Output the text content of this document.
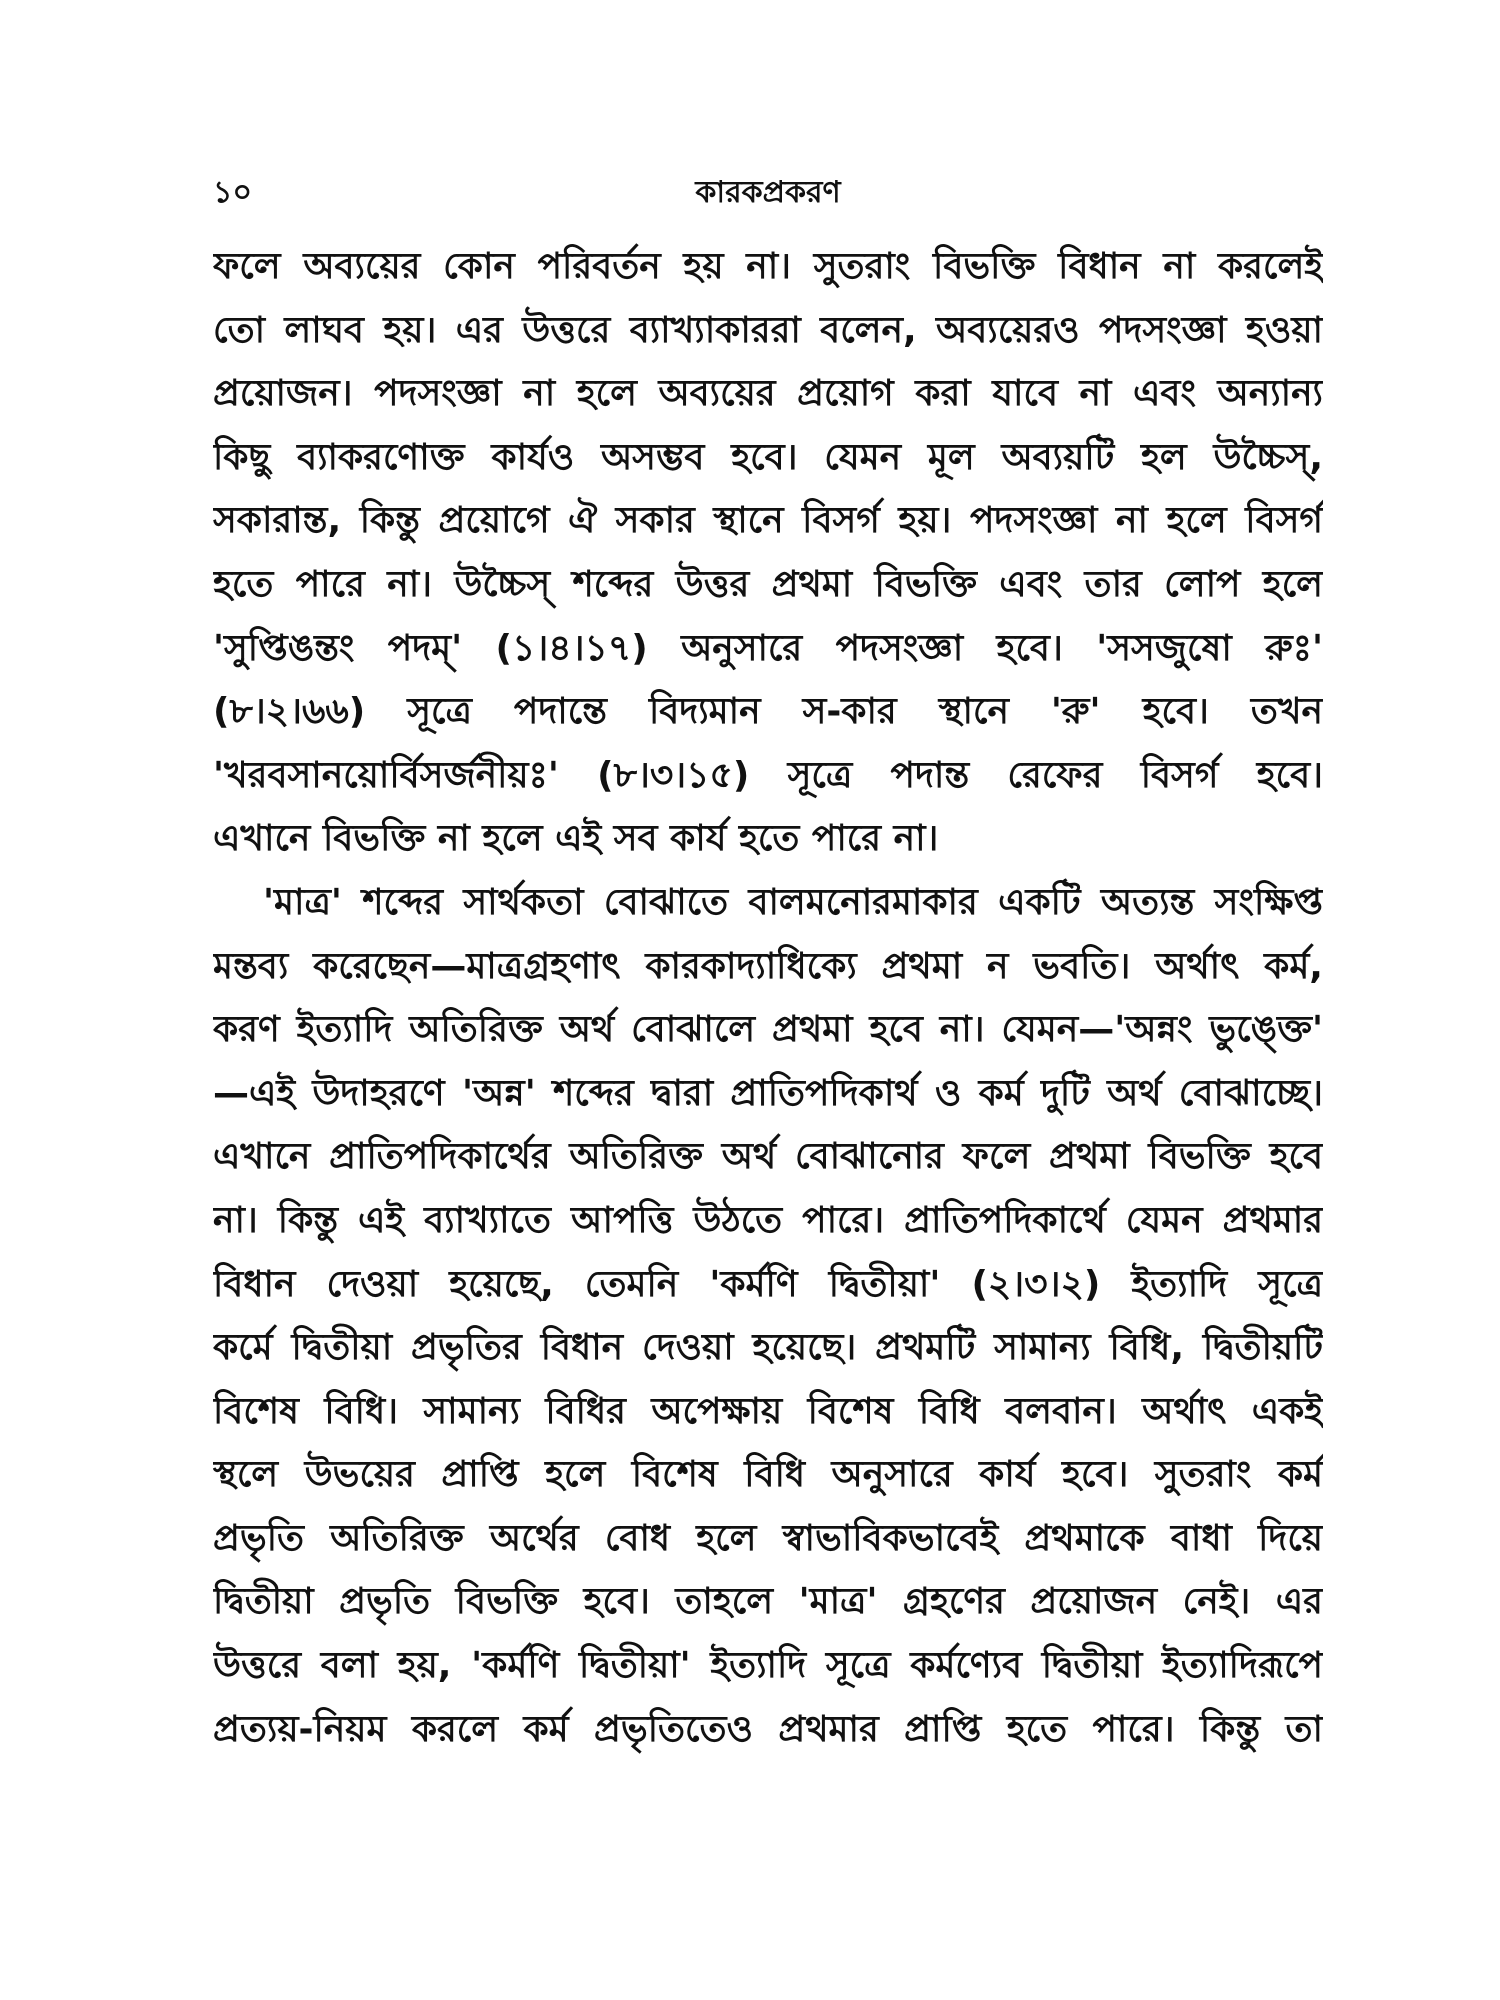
১০	কারকপ্রকরণ
ফলে অব্যয়ের কোন পরিবর্তন হয় না। সুতরাং বিভক্তি বিধান না করলেই
তো লাঘব হয়। এর উত্তরে ব্যাখ্যাকাররা বলেন, অব্যয়েরও পদসংজ্ঞা হওয়া
প্রয়োজন। পদসংজ্ঞা না হলে অব্যয়ের প্রয়োগ করা যাবে না এবং অন্যান্য
কিছু ব্যাকরণোক্ত কার্যও অসম্ভব হবে। যেমন মূল অব্যয়টি হল উচ্চৈস্,
সকারান্ত, কিন্তু প্রয়োগে ঐ সকার স্থানে বিসর্গ হয়। পদসংজ্ঞা না হলে বিসর্গ
হতে পারে না। উচ্চৈস্ শব্দের উত্তর প্রথমা বিভক্তি এবং তার লোপ হলে
'সুপ্তিঙন্তং পদম্' (১।৪।১৭) অনুসারে পদসংজ্ঞা হবে। 'সসজুষো রুঃ'
(৮।২।৬৬) সূত্রে পদান্তে বিদ্যমান স-কার স্থানে 'রু' হবে। তখন
'খরবসানয়োর্বিসর্জনীয়ঃ' (৮।৩।১৫) সূত্রে পদান্ত রেফের বিসর্গ হবে।
এখানে বিভক্তি না হলে এই সব কার্য হতে পারে না।
'মাত্র' শব্দের সার্থকতা বোঝাতে বালমনোরমাকার একটি অত্যন্ত সংক্ষিপ্ত
মন্তব্য করেছেন—মাত্রগ্রহণাৎ কারকাদ্যাধিক্যে প্রথমা ন ভবতি। অর্থাৎ কর্ম,
করণ ইত্যাদি অতিরিক্ত অর্থ বোঝালে প্রথমা হবে না। যেমন—'অন্নং ভুঙ্ক্তে'
—এই উদাহরণে 'অন্ন' শব্দের দ্বারা প্রাতিপদিকার্থ ও কর্ম দুটি অর্থ বোঝাচ্ছে।
এখানে প্রাতিপদিকার্থের অতিরিক্ত অর্থ বোঝানোর ফলে প্রথমা বিভক্তি হবে
না। কিন্তু এই ব্যাখ্যাতে আপত্তি উঠতে পারে। প্রাতিপদিকার্থে যেমন প্রথমার
বিধান দেওয়া হয়েছে, তেমনি 'কর্মণি দ্বিতীয়া' (২।৩।২) ইত্যাদি সূত্রে
কর্মে দ্বিতীয়া প্রভৃতির বিধান দেওয়া হয়েছে। প্রথমটি সামান্য বিধি, দ্বিতীয়টি
বিশেষ বিধি। সামান্য বিধির অপেক্ষায় বিশেষ বিধি বলবান। অর্থাৎ একই
স্থলে উভয়ের প্রাপ্তি হলে বিশেষ বিধি অনুসারে কার্য হবে। সুতরাং কর্ম
প্রভৃতি অতিরিক্ত অর্থের বোধ হলে স্বাভাবিকভাবেই প্রথমাকে বাধা দিয়ে
দ্বিতীয়া প্রভৃতি বিভক্তি হবে। তাহলে 'মাত্র' গ্রহণের প্রয়োজন নেই। এর
উত্তরে বলা হয়, 'কর্মণি দ্বিতীয়া' ইত্যাদি সূত্রে কর্মণ্যেব দ্বিতীয়া ইত্যাদিরূপে
প্রত্যয়-নিয়ম করলে কর্ম প্রভৃতিতেও প্রথমার প্রাপ্তি হতে পারে। কিন্তু তা
